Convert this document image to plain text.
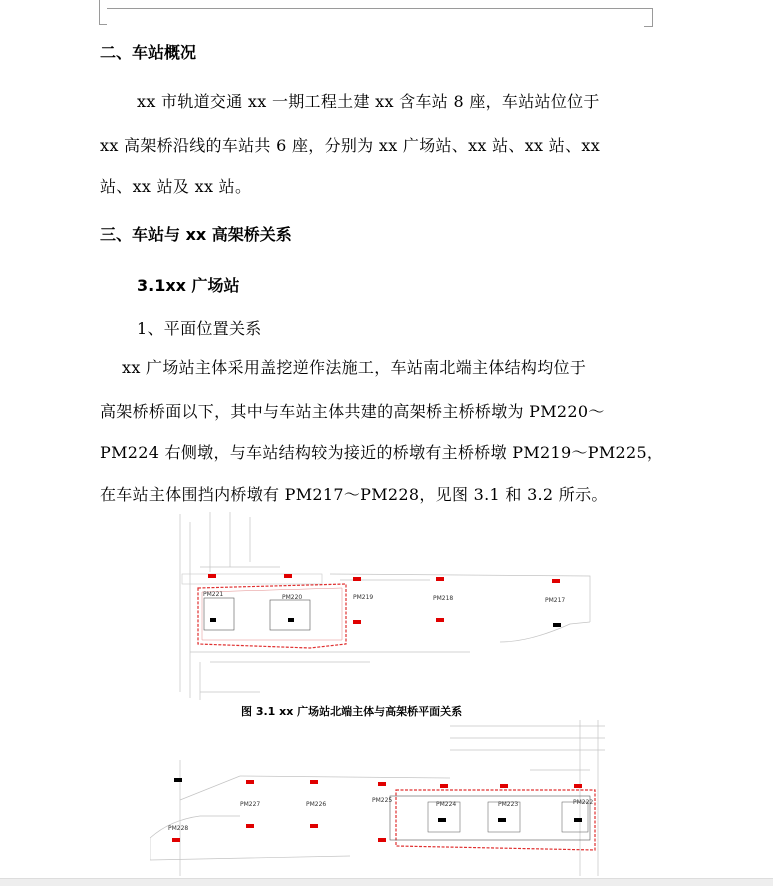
二、车站概况
xx 市轨道交通 xx 一期工程土建 xx 含车站 8 座，车站站位位于
xx 高架桥沿线的车站共 6 座，分别为 xx 广场站、xx 站、xx 站、xx
站、xx 站及 xx 站。
三、车站与 xx 高架桥关系
3.1xx 广场站
1、平面位置关系
xx 广场站主体采用盖挖逆作法施工，车站南北端主体结构均位于
高架桥桥面以下，其中与车站主体共建的高架桥主桥桥墩为 PM220～
PM224 右侧墩，与车站结构较为接近的桥墩有主桥桥墩 PM219～PM225，
在车站主体围挡内桥墩有 PM217～PM228，见图 3.1 和 3.2 所示。
PM221	PM220	PM219	PM218	PM217
图 3.1 xx 广场站北端主体与高架桥平面关系
PM227	PM226
PM225
PM224	PM223	PM222
PM228
